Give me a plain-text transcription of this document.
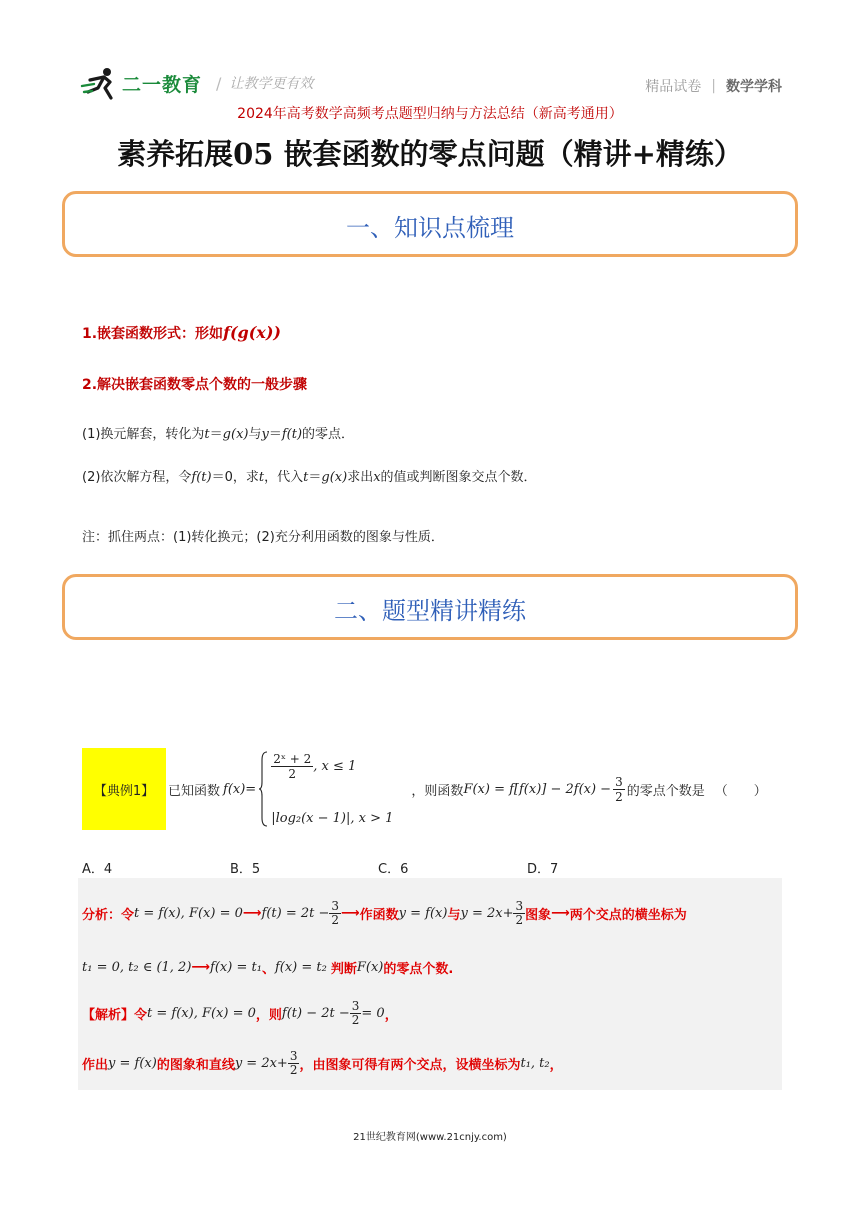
二一教育 / 让教学更有效	精品试卷 | 数学学科
2024年高考数学高频考点题型归纳与方法总结（新高考通用）
素养拓展05 嵌套函数的零点问题（精讲+精练）
一、知识点梳理
1.嵌套函数形式：形如f(g(x))
2.解决嵌套函数零点个数的一般步骤
(1)换元解套，转化为t＝g(x)与y＝f(t)的零点．
(2)依次解方程，令f(t)＝0，求t，代入t＝g(x)求出x的值或判断图象交点个数．
注：抓住两点：(1)转化换元；(2)充分利用函数的图象与性质．
二、题型精讲精练
【典例1】	已知函数 f(x)=
$\frac{\text{2ˣ + 2}}{2}$ , x ≤ 1
|log₂(x − 1)|, x > 1
，则函数 $F(x) = f[f(x)] - 2f(x) - \frac{3}{2}$ 的零点个数是 （　　）
A．4	B．5	C．6	D．7
分析：令 t = f(x), F(x) = 0 ⟶ $f(t) = 2t - \frac{3}{2}$ ⟶ 作函数 y = f(x) 与 $y = 2x+ \frac{3}{2}$ 图象 ⟶ 两个交点的横坐标为
t₁ = 0, t₂ ∈ (1, 2) ⟶ f(x) = t₁ 、 f(x) = t₂ 判断 F(x) 的零点个数.
【解析】 令 t = f(x), F(x) = 0 ，则 $f(t) - 2t - \frac{3}{2} = 0$ ，
作出 y = f(x) 的图象和直线 $y = 2x+ \frac{3}{2}$ ，由图象可得有两个交点，设横坐标为 t₁, t₂ ，
21世纪教育网(www.21cnjy.com)
